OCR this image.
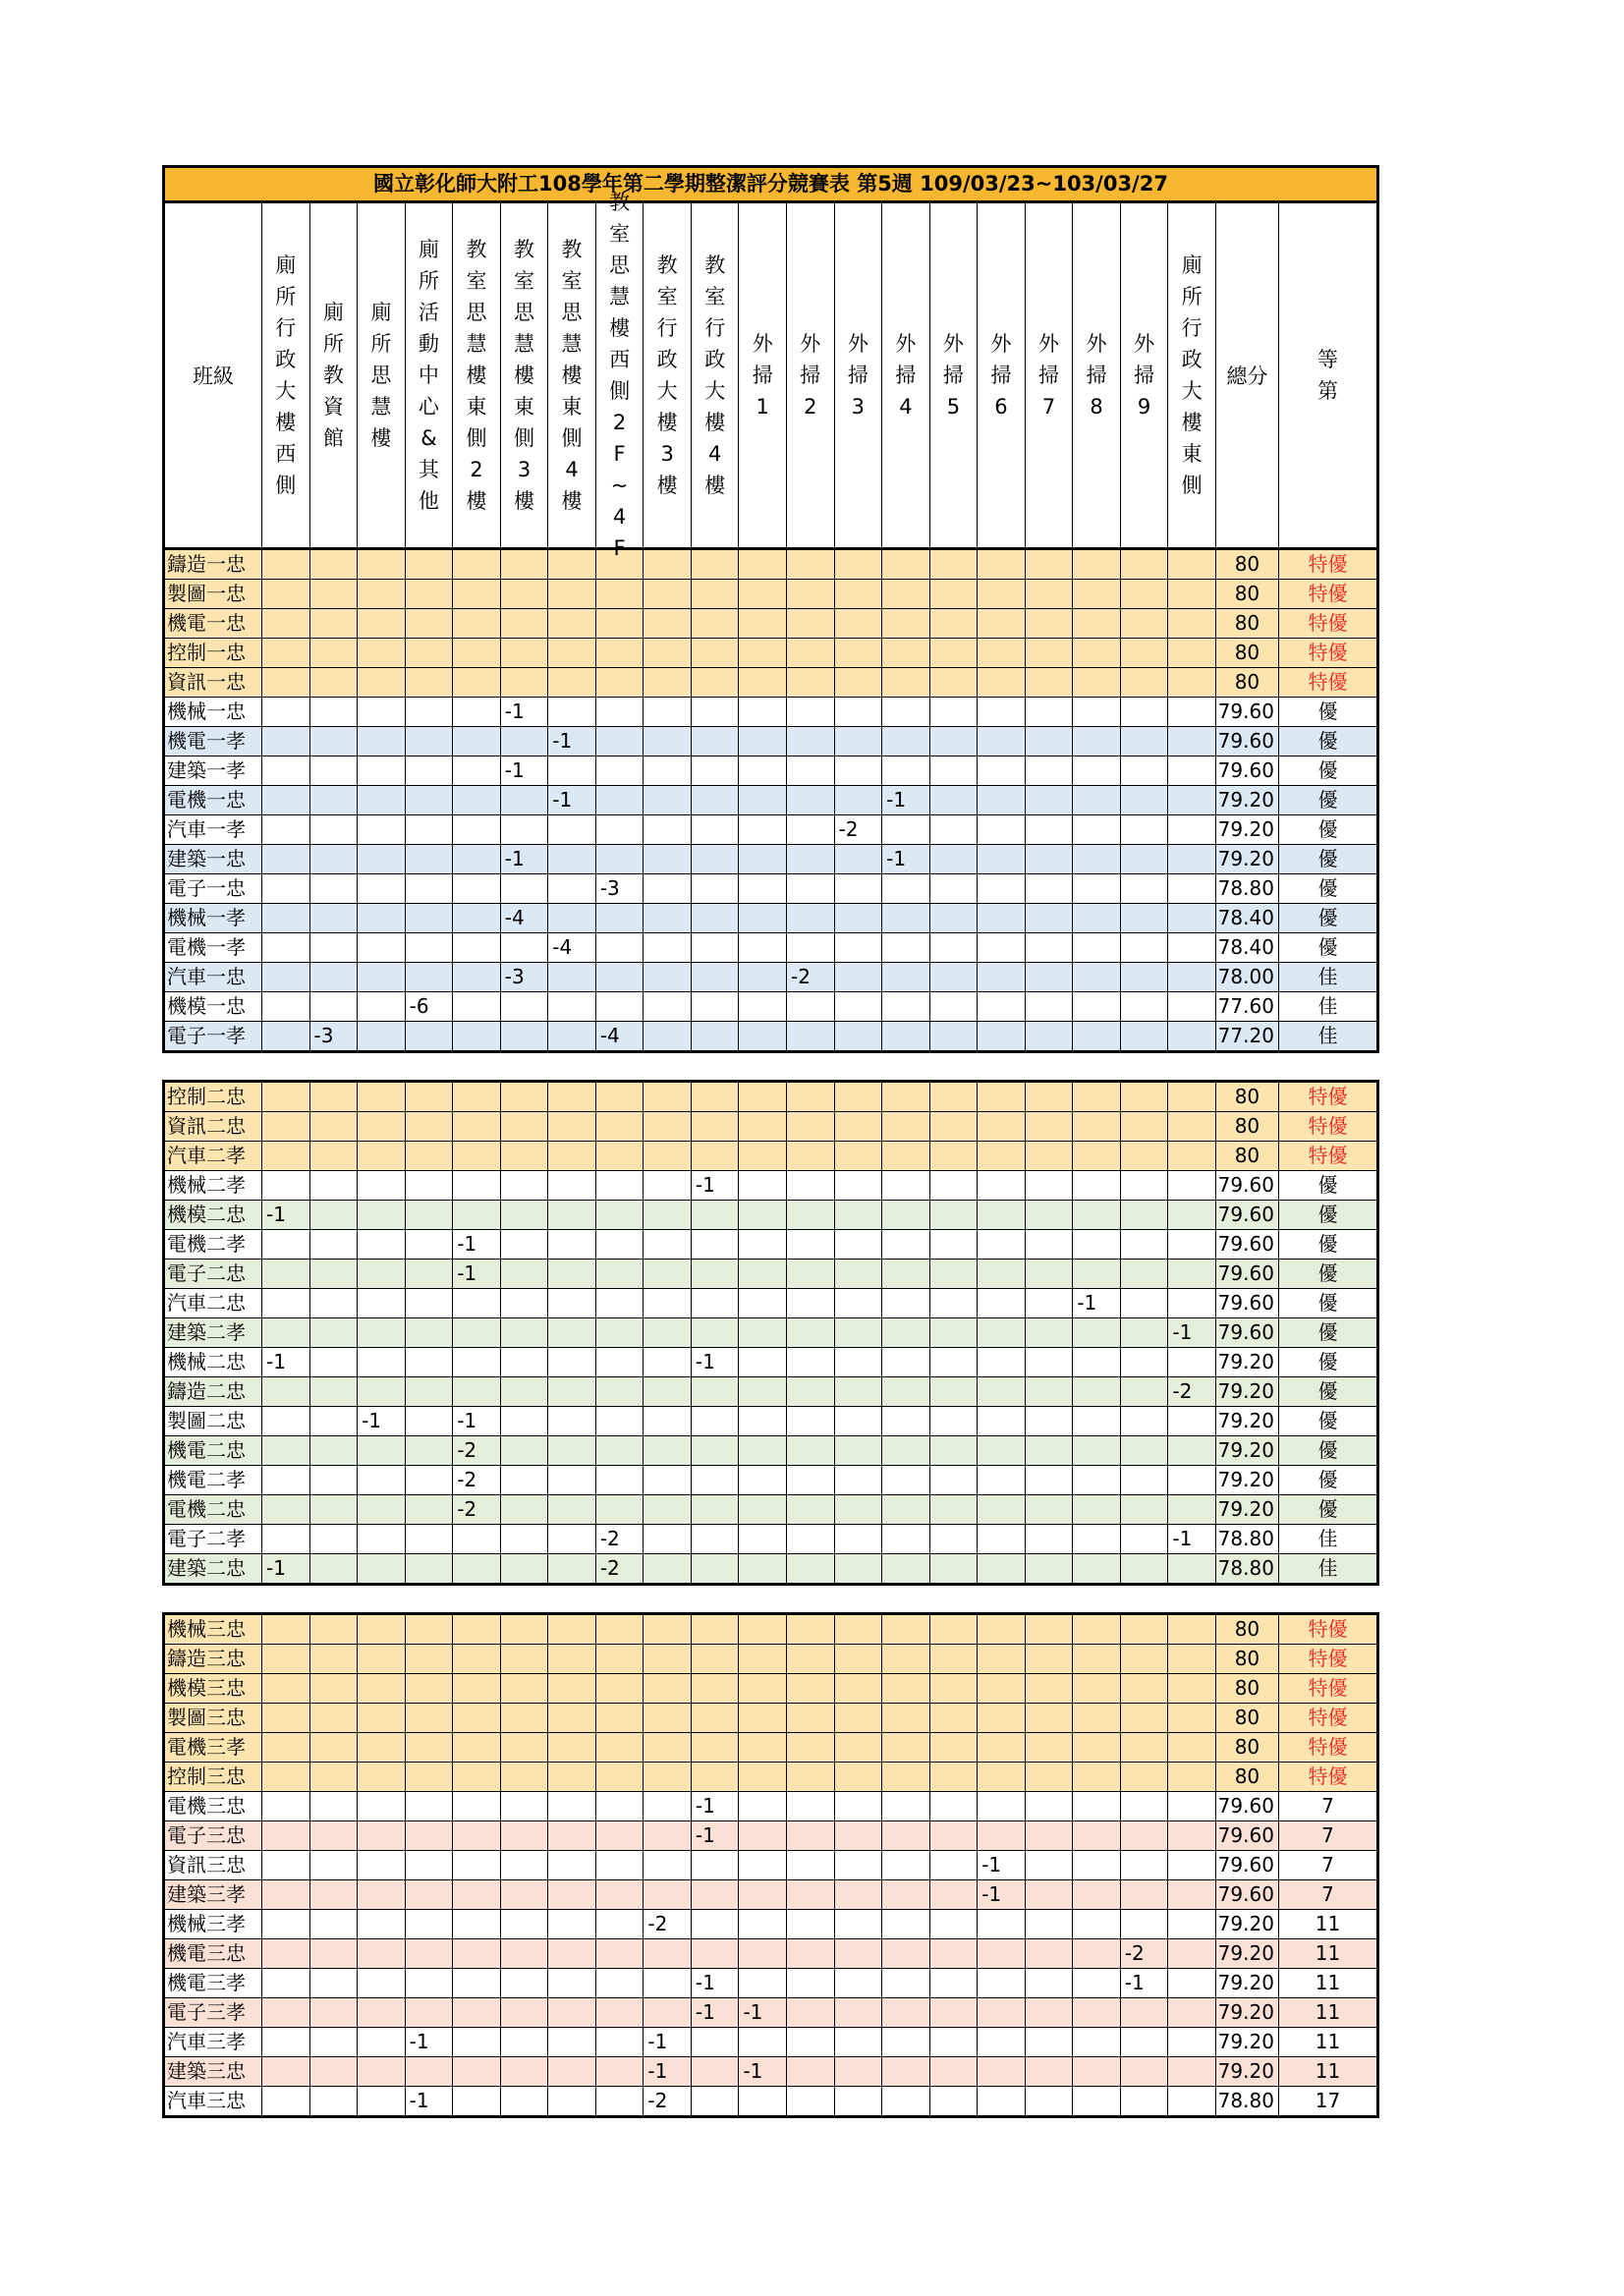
國立彰化師大附工108學年第二學期整潔評分競賽表 第5週 109/03/23~103/03/27																						

班級	廁所行政大樓西側	廁所教資館	廁所思慧樓	廁所活動中心&其他	教室思慧樓東側2樓	教室思慧樓東側3樓	教室思慧樓東側4樓	教室思慧樓西側2F~4F	教室行政大樓3樓	教室行政大樓4樓	外掃1	外掃2	外掃3	外掃4	外掃5	外掃6	外掃7	外掃8	外掃9	廁所行政大樓東側	總分	等第

鑄造一忠																					80	特優
製圖一忠																					80	特優
機電一忠																					80	特優
控制一忠																					80	特優
資訊一忠																					80	特優
機械一忠						-1															79.60	優
機電一孝							-1														79.60	優
建築一孝						-1															79.60	優
電機一忠							-1							-1							79.20	優
汽車一孝													-2								79.20	優
建築一忠						-1								-1							79.20	優
電子一忠								-3													78.80	優
機械一孝						-4															78.40	優
電機一孝							-4														78.40	優
汽車一忠						-3						-2									78.00	佳
機模一忠				-6																	77.60	佳
電子一孝		-3						-4													77.20	佳

控制二忠																					80	特優
資訊二忠																					80	特優
汽車二孝																					80	特優
機械二孝										-1											79.60	優
機模二忠	-1																				79.60	優
電機二孝					-1																79.60	優
電子二忠					-1																79.60	優
汽車二忠																		-1			79.60	優
建築二孝																				-1	79.60	優
機械二忠	-1									-1											79.20	優
鑄造二忠																				-2	79.20	優
製圖二忠			-1		-1																79.20	優
機電二忠					-2																79.20	優
機電二孝					-2																79.20	優
電機二忠					-2																79.20	優
電子二孝								-2												-1	78.80	佳
建築二忠	-1							-2													78.80	佳

機械三忠																					80	特優
鑄造三忠																					80	特優
機模三忠																					80	特優
製圖三忠																					80	特優
電機三孝																					80	特優
控制三忠																					80	特優
電機三忠										-1											79.60	7
電子三忠										-1											79.60	7
資訊三忠																-1					79.60	7
建築三孝																-1					79.60	7
機械三孝									-2												79.20	11
機電三忠																			-2		79.20	11
機電三孝										-1									-1		79.20	11
電子三孝										-1	-1										79.20	11
汽車三孝				-1					-1												79.20	11
建築三忠									-1		-1										79.20	11
汽車三忠				-1					-2												78.80	17
